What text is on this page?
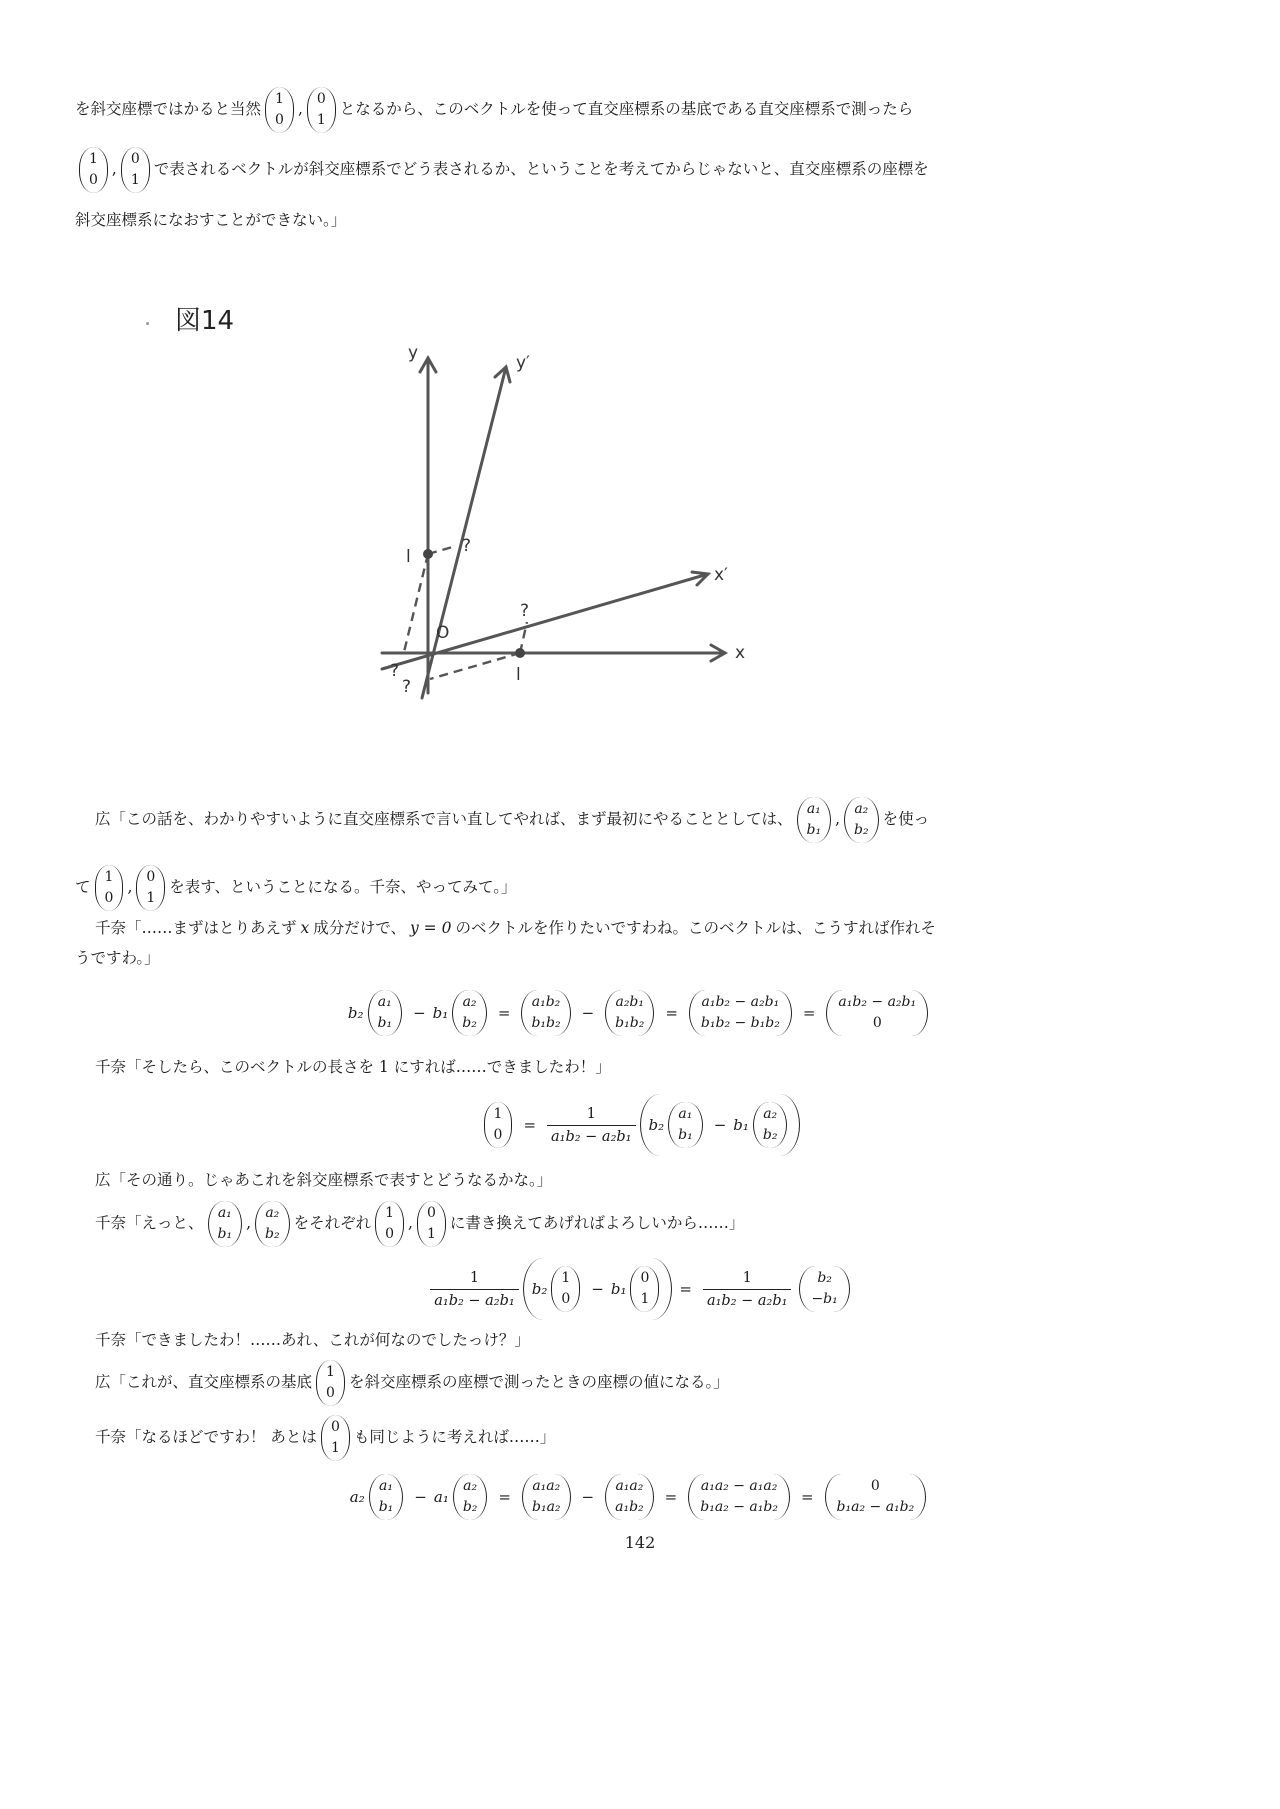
を斜交座標ではかると当然
1
0
,
0
1
となるから、このベクトルを使って直交座標系の基底である直交座標系で測ったら
1
0
,
0
1
で表されるベクトルが斜交座標系でどう表されるか、ということを考えてからじゃないと、直交座標系の座標を
斜交座標系になおすことができない。」
図14
y	y′
x′
x
O
l
l
?
?
?
?
広「この話を、わかりやすいように直交座標系で言い直してやれば、まず最初にやることとしては、
a₁
b₁
,
a₂
b₂
を使っ
て
1
0
,
0
1
を表す、ということになる。千奈、やってみて。」
千奈「……まずはとりあえず x 成分だけで、 y = 0 のベクトルを作りたいですわね。このベクトルは、こうすれば作れそ
うですわ。」
b₂
a₁
b₁
− b₁
a₂
b₂
=
a₁b₂
b₁b₂
−
a₂b₁
b₁b₂
=
a₁b₂ − a₂b₁
b₁b₂ − b₁b₂
=
a₁b₂ − a₂b₁
0
千奈「そしたら、このベクトルの長さを 1 にすれば……できましたわ！」
1
0
= $\frac{1}{\text{a₁b₂ − a₂b₁}} b_2$
a₁
b₁
− b₁
a₂
b₂
広「その通り。じゃあこれを斜交座標系で表すとどうなるかな。」
千奈「えっと、
a₁
b₁
,
a₂
b₂
をそれぞれ
1
0
,
0
1
に書き換えてあげればよろしいから……」
$\frac{1}{\text{a₁b₂ − a₂b₁}} b_2$
1
0
− b₁
0
1
= $\frac{1}{\text{a₁b₂ − a₂b₁}} b_2$
−b₁
千奈「できましたわ！……あれ、これが何なのでしたっけ？」
広「これが、直交座標系の基底
1
0
を斜交座標系の座標で測ったときの座標の値になる。」
千奈「なるほどですわ！ あとは
0
1
も同じように考えれば……」
a₂
a₁
b₁
− a₁
a₂
b₂
=
a₁a₂
b₁a₂
−
a₁a₂
a₁b₂
=
a₁a₂ − a₁a₂
b₁a₂ − a₁b₂
=
0
b₁a₂ − a₁b₂
142
